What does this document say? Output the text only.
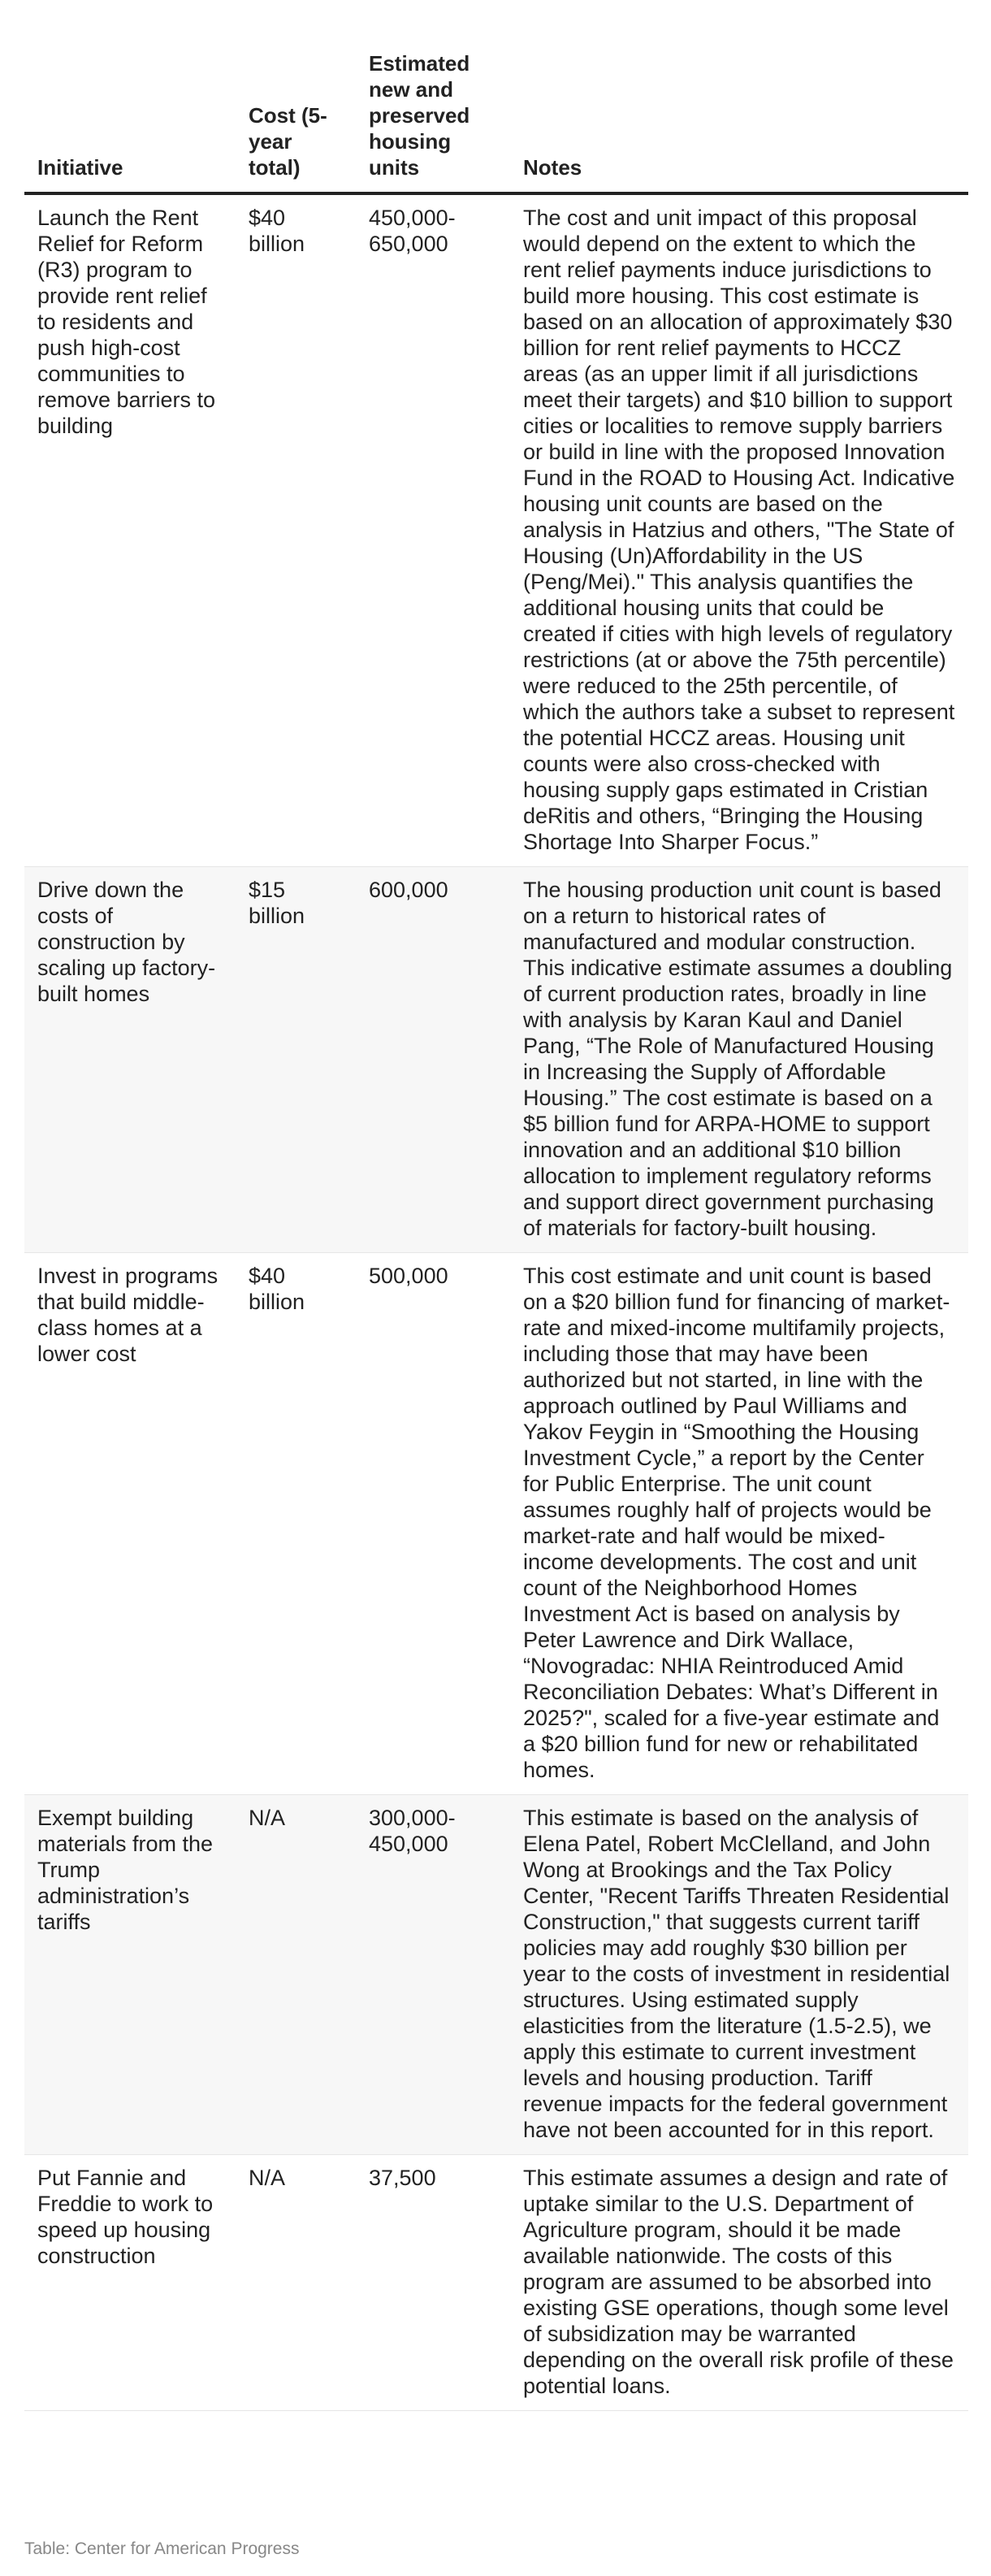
Initiative	Cost (5-year total)	Estimated new and preserved housing units	Notes
Launch the Rent Relief for Reform (R3) program to provide rent relief to residents and push high-cost communities to remove barriers to building	$40 billion	450,000-650,000	The cost and unit impact of this proposal would depend on the extent to which the rent relief payments induce jurisdictions to build more housing. This cost estimate is based on an allocation of approximately $30 billion for rent relief payments to HCCZ areas (as an upper limit if all jurisdictions meet their targets) and $10 billion to support cities or localities to remove supply barriers or build in line with the proposed Innovation Fund in the ROAD to Housing Act. Indicative housing unit counts are based on the analysis in Hatzius and others, "The State of Housing (Un)Affordability in the US (Peng/Mei)." This analysis quantifies the additional housing units that could be created if cities with high levels of regulatory restrictions (at or above the 75th percentile) were reduced to the 25th percentile, of which the authors take a subset to represent the potential HCCZ areas. Housing unit counts were also cross-checked with housing supply gaps estimated in Cristian deRitis and others, “Bringing the Housing Shortage Into Sharper Focus.”
Drive down the costs of construction by scaling up factory-built homes	$15 billion	600,000	The housing production unit count is based on a return to historical rates of manufactured and modular construction. This indicative estimate assumes a doubling of current production rates, broadly in line with analysis by Karan Kaul and Daniel Pang, “The Role of Manufactured Housing in Increasing the Supply of Affordable Housing.” The cost estimate is based on a $5 billion fund for ARPA-HOME to support innovation and an additional $10 billion allocation to implement regulatory reforms and support direct government purchasing of materials for factory-built housing.
Invest in programs that build middle-class homes at a lower cost	$40 billion	500,000	This cost estimate and unit count is based on a $20 billion fund for financing of market-rate and mixed-income multifamily projects, including those that may have been authorized but not started, in line with the approach outlined by Paul Williams and Yakov Feygin in “Smoothing the Housing Investment Cycle,” a report by the Center for Public Enterprise. The unit count assumes roughly half of projects would be market-rate and half would be mixed-income developments. The cost and unit count of the Neighborhood Homes Investment Act is based on analysis by Peter Lawrence and Dirk Wallace, “Novogradac: NHIA Reintroduced Amid Reconciliation Debates: What’s Different in 2025?", scaled for a five-year estimate and a $20 billion fund for new or rehabilitated homes.
Exempt building materials from the Trump administration’s tariffs	N/A	300,000-450,000	This estimate is based on the analysis of Elena Patel, Robert McClelland, and John Wong at Brookings and the Tax Policy Center, "Recent Tariffs Threaten Residential Construction," that suggests current tariff policies may add roughly $30 billion per year to the costs of investment in residential structures. Using estimated supply elasticities from the literature (1.5-2.5), we apply this estimate to current investment levels and housing production. Tariff revenue impacts for the federal government have not been accounted for in this report.
Put Fannie and Freddie to work to speed up housing construction	N/A	37,500	This estimate assumes a design and rate of uptake similar to the U.S. Department of Agriculture program, should it be made available nationwide. The costs of this program are assumed to be absorbed into existing GSE operations, though some level of subsidization may be warranted depending on the overall risk profile of these potential loans.
Table: Center for American Progress
